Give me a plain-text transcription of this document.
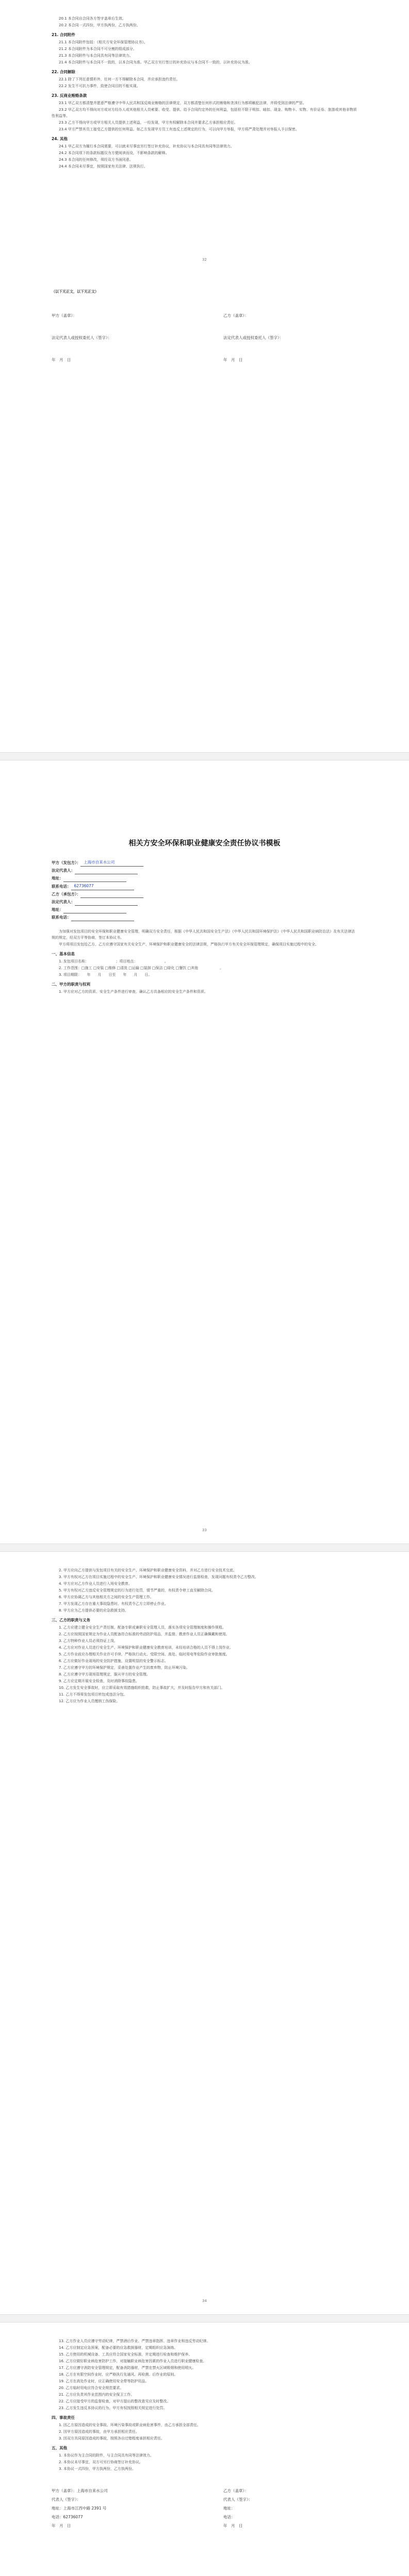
20.1 本合同自合同各方签字盖章后生效。

20.2 本合同一式四份，甲方执两份，乙方执两份。

21. 合同附件

21.1 本合同附件包括：《相关方安全环保管理协议书》。

21.2 本合同附件为本合同不可分割的组成部分。

21.3 本合同附件与本合同具有同等法律效力。

21.4 本合同附件与本合同不一致的，以本合同为准。甲乙双方另行签订的补充协议与本合同不一致的，以补充协议为准。

22. 合同解除

22.1 除了下列任意情形外，任何一方不得解除本合同，并应承担违约责任。

22.2 发生不可抗力事件，致使合同目的不能实现。

23. 反商业贿赂条款

23.1 甲乙双方都清楚并愿意严格遵守中华人民共和国反商业贿赂的法律规定，双方都清楚任何形式的贿赂和贪渎行为都将触犯法律，并将受到法律的严惩。

23.2 甲乙双方均不得向对方或对方经办人或其他相关人员索要、收受、提供、给予合同约定外的任何利益，包括但不限于明扣、暗扣、现金、购物卡、实物、有价证券、旅游或其他非物质性利益等。

23.3 乙方不得向甲方或甲方相关人员提供上述利益，一经发现，甲方有权解除本合同并要求乙方承担相应责任。

23.4 甲方严禁其员工接受乙方提供的任何利益。如乙方发现甲方员工有违反上述规定的行为，可以向甲方举报，甲方将严肃处理并对举报人予以保密。

24. 其他

24.1 甲乙双方为履行本合同需要，可以就未尽事宜另行签订补充协议，补充协议与本合同具有同等法律效力。

24.2 本合同项下的条款标题仅为方便阅读而设，不影响条款的解释。

24.3 本合同的任何修改，须经双方书面同意。

24.4 本合同未尽事宜，按照国家有关法律、法规执行。

32

（以下无正文，以下无正文）

甲方（盖章）：	乙方（盖章）：
法定代表人或授权委托人（签字）：	法定代表人或授权委托人（签字）：
年　月　日	年　月　日
相关方安全环保和职业健康安全责任协议书模板
甲方（发包方）： 上海市自来水公司
法定代表人：
地址：
联系电话： 62736077
乙方（承包方）：
法定代表人：
地址：
联系电话：

为加强对发包项目的安全环保和职业健康安全管理，明确双方安全责任，根据《中华人民共和国安全生产法》《中华人民共和国环境保护法》《中华人民共和国职业病防治法》及有关法律法规的规定，经双方平等协商，签订本协议书。

甲方将项目发包给乙方，乙方应遵守国家有关安全生产、环境保护和职业健康安全的法律法规，严格执行甲方有关安全环保管理规定，确保项目实施过程中的安全。

一、基本信息

1. 发包项目名称：　　　　　　　　；项目地点：　　　　　　　　。

2. 工作范围：□施工 □安装 □维修 □清洗 □运输 □装卸 □保洁 □绿化 □餐饮 □其他　　　　　　。

3. 项目期限：　　年　　月　　日至　　年　　月　　日。

二、甲方的职责与权利

1. 甲方应对乙方的资质、安全生产条件进行审查，确认乙方具备相应的安全生产条件和资质。

33

2. 甲方应向乙方提供与发包项目有关的安全生产、环境保护和职业健康安全资料，并对乙方进行安全技术交底。

3. 甲方有权对乙方在项目实施过程中的安全生产、环境保护和职业健康安全情况进行监督检查，发现问题有权责令乙方整改。

4. 甲方应对乙方作业人员进行入场安全教育。

5. 甲方有权对乙方违反安全管理规定的行为进行处罚，情节严重的，有权责令停工直至解除合同。

6. 甲方应协调乙方与其他相关方之间的安全生产管理工作。

7. 甲方发现乙方存在重大事故隐患时，有权责令乙方立即停止作业。

8. 甲方应为乙方提供必要的应急救援支持。

三、乙方的职责与义务

1. 乙方应建立健全安全生产责任制，配备专职或兼职安全管理人员，落实各项安全管理制度和操作规程。

2. 乙方应按照国家规定为作业人员配备符合标准的劳动防护用品，并监督、教育作业人员正确佩戴和使用。

3. 乙方特种作业人员必须持证上岗。

4. 乙方应对作业人员进行安全生产、环境保护和职业健康安全教育培训，未经培训合格的人员不得上岗作业。

5. 乙方作业前应办理相关作业许可手续，严格执行动火、受限空间、高处、临时用电等危险作业审批制度。

6. 乙方应做好作业现场的安全防护措施，设置明显的安全警示标志。

7. 乙方应遵守甲方的环境保护规定，妥善处置作业产生的废弃物，防止环境污染。

8. 乙方应遵守甲方现场管理规定，服从甲方的安全管理。

9. 乙方应定期开展安全检查，及时消除事故隐患。

10. 乙方发生安全事故时，应立即采取有效措施组织抢救，防止事故扩大，并及时报告甲方和有关部门。

11. 乙方不得将发包项目转包或违法分包。

12. 乙方应为作业人员缴纳工伤保险。

34

13. 乙方作业人员应遵守劳动纪律，严禁酒后作业、严禁违章指挥、违章作业和违反劳动纪律。

14. 乙方应制定应急预案，配备必要的应急救援器材，定期组织应急演练。

15. 乙方使用的机械设备、工具应符合国家安全标准，并定期进行检查和维护保养。

16. 乙方应做好职业病危害防护工作，对接触职业病危害因素的作业人员进行职业健康检查。

17. 乙方应遵守消防安全管理规定，配备消防器材，严禁在禁火区域吸烟和使用明火。

18. 乙方在有限空间作业时，应严格执行先通风、再检测、后作业的原则。

19. 乙方在高处作业时，应正确使用安全带等防护用品。

20. 乙方临时用电应符合安全规范要求。

21. 乙方应负责其作业范围内的安全保卫工作。

22. 乙方应接受甲方的监督检查，对甲方提出的整改意见应及时整改。

23. 乙方发生违反本协议的行为，甲方有权按照相关规定进行处罚。

四、事故责任

1. 因乙方原因造成的安全事故、环境污染事故或职业病危害事件，由乙方承担全部责任。

2. 因甲方原因造成的事故，由甲方承担相应责任。

3. 因双方共同原因造成的事故，按照各自过错程度承担相应责任。

五、其他

1. 本协议作为主合同的附件，与主合同具有同等法律效力。

2. 本协议未尽事宜，双方可另行协商签订补充协议。

3. 本协议一式四份，甲方执两份，乙方执两份。

甲方（盖章）：上海市自来水公司	乙方（盖章）：
代表人（签字）：	代表人（签字）：
地址：上海市江西中路 2391 号	地址：
电话：62736077	电话：
年　月　日	年　月　日
